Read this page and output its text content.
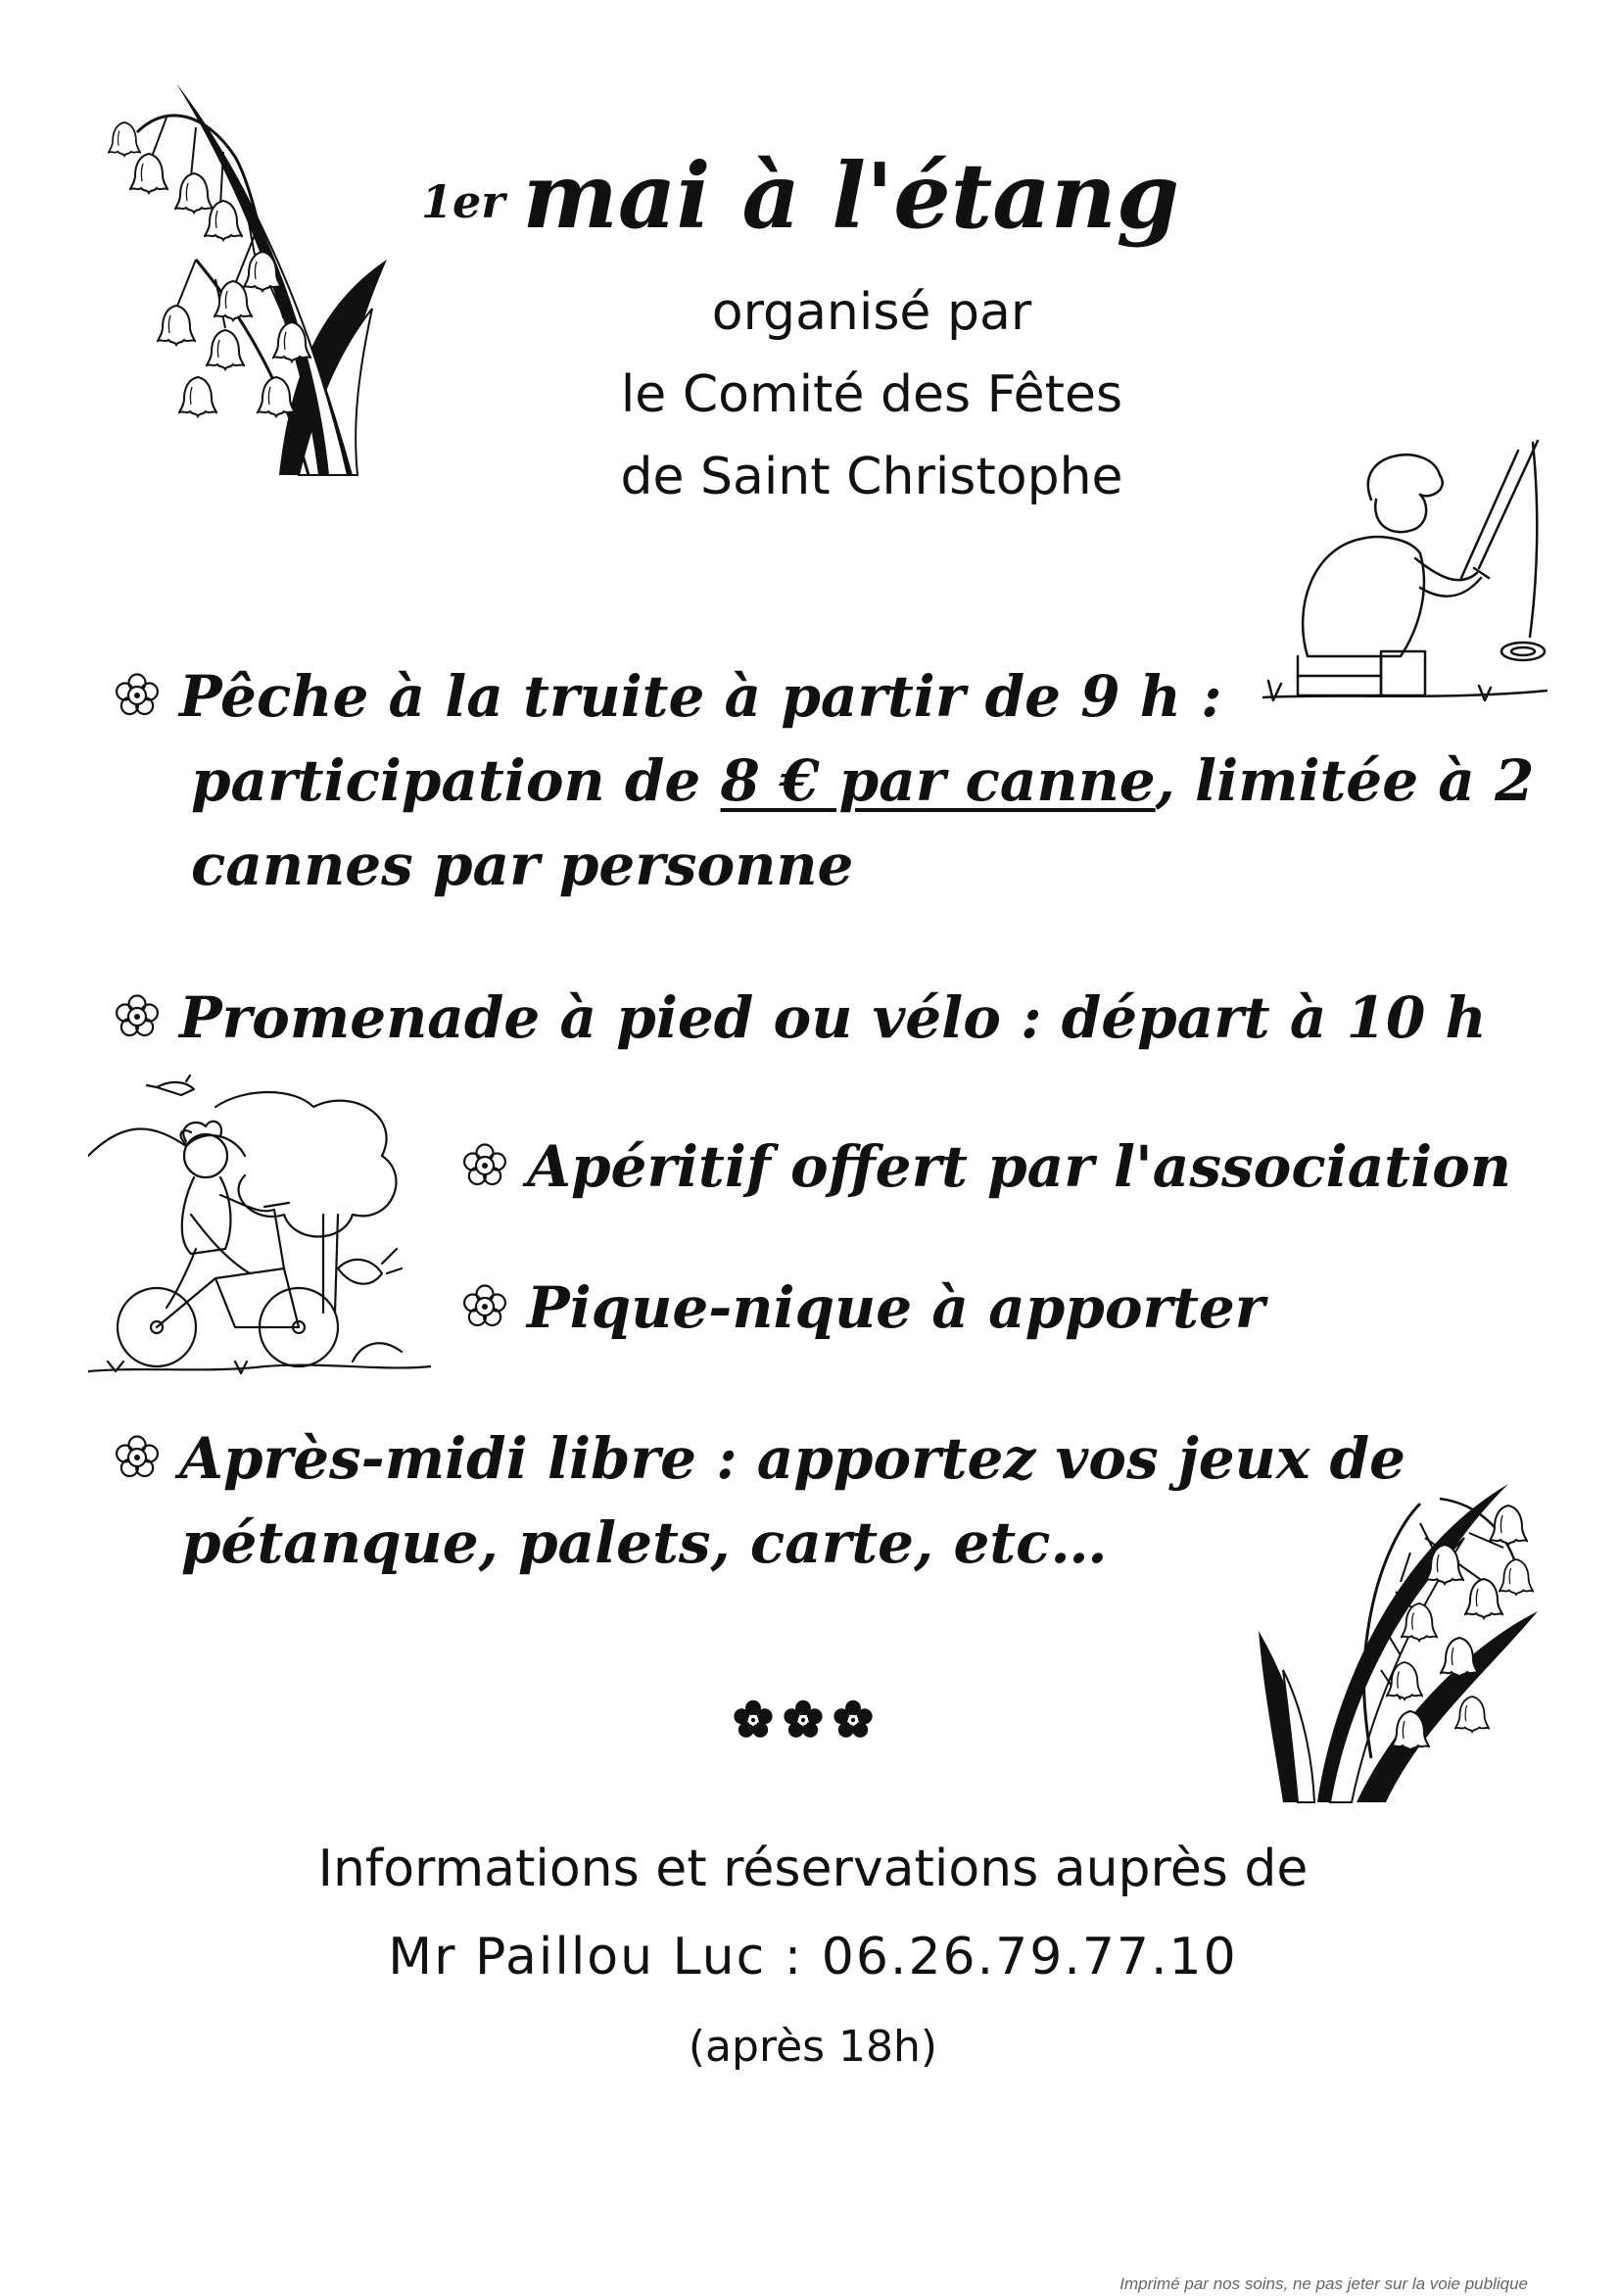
$^{1er}$ mai à l'étang
organisé par
le Comité des Fêtes
de Saint Christophe
Pêche à la truite à partir de 9 h :
participation de 8 € par canne, limitée à 2
cannes par personne
Promenade à pied ou vélo : départ à 10 h
Apéritif offert par l'association
Pique-nique à apporter
Après-midi libre : apportez vos jeux de
pétanque, palets, carte, etc…
Informations et réservations auprès de
Mr Paillou Luc : 06.26.79.77.10
(après 18h)
Imprimé par nos soins, ne pas jeter sur la voie publique
